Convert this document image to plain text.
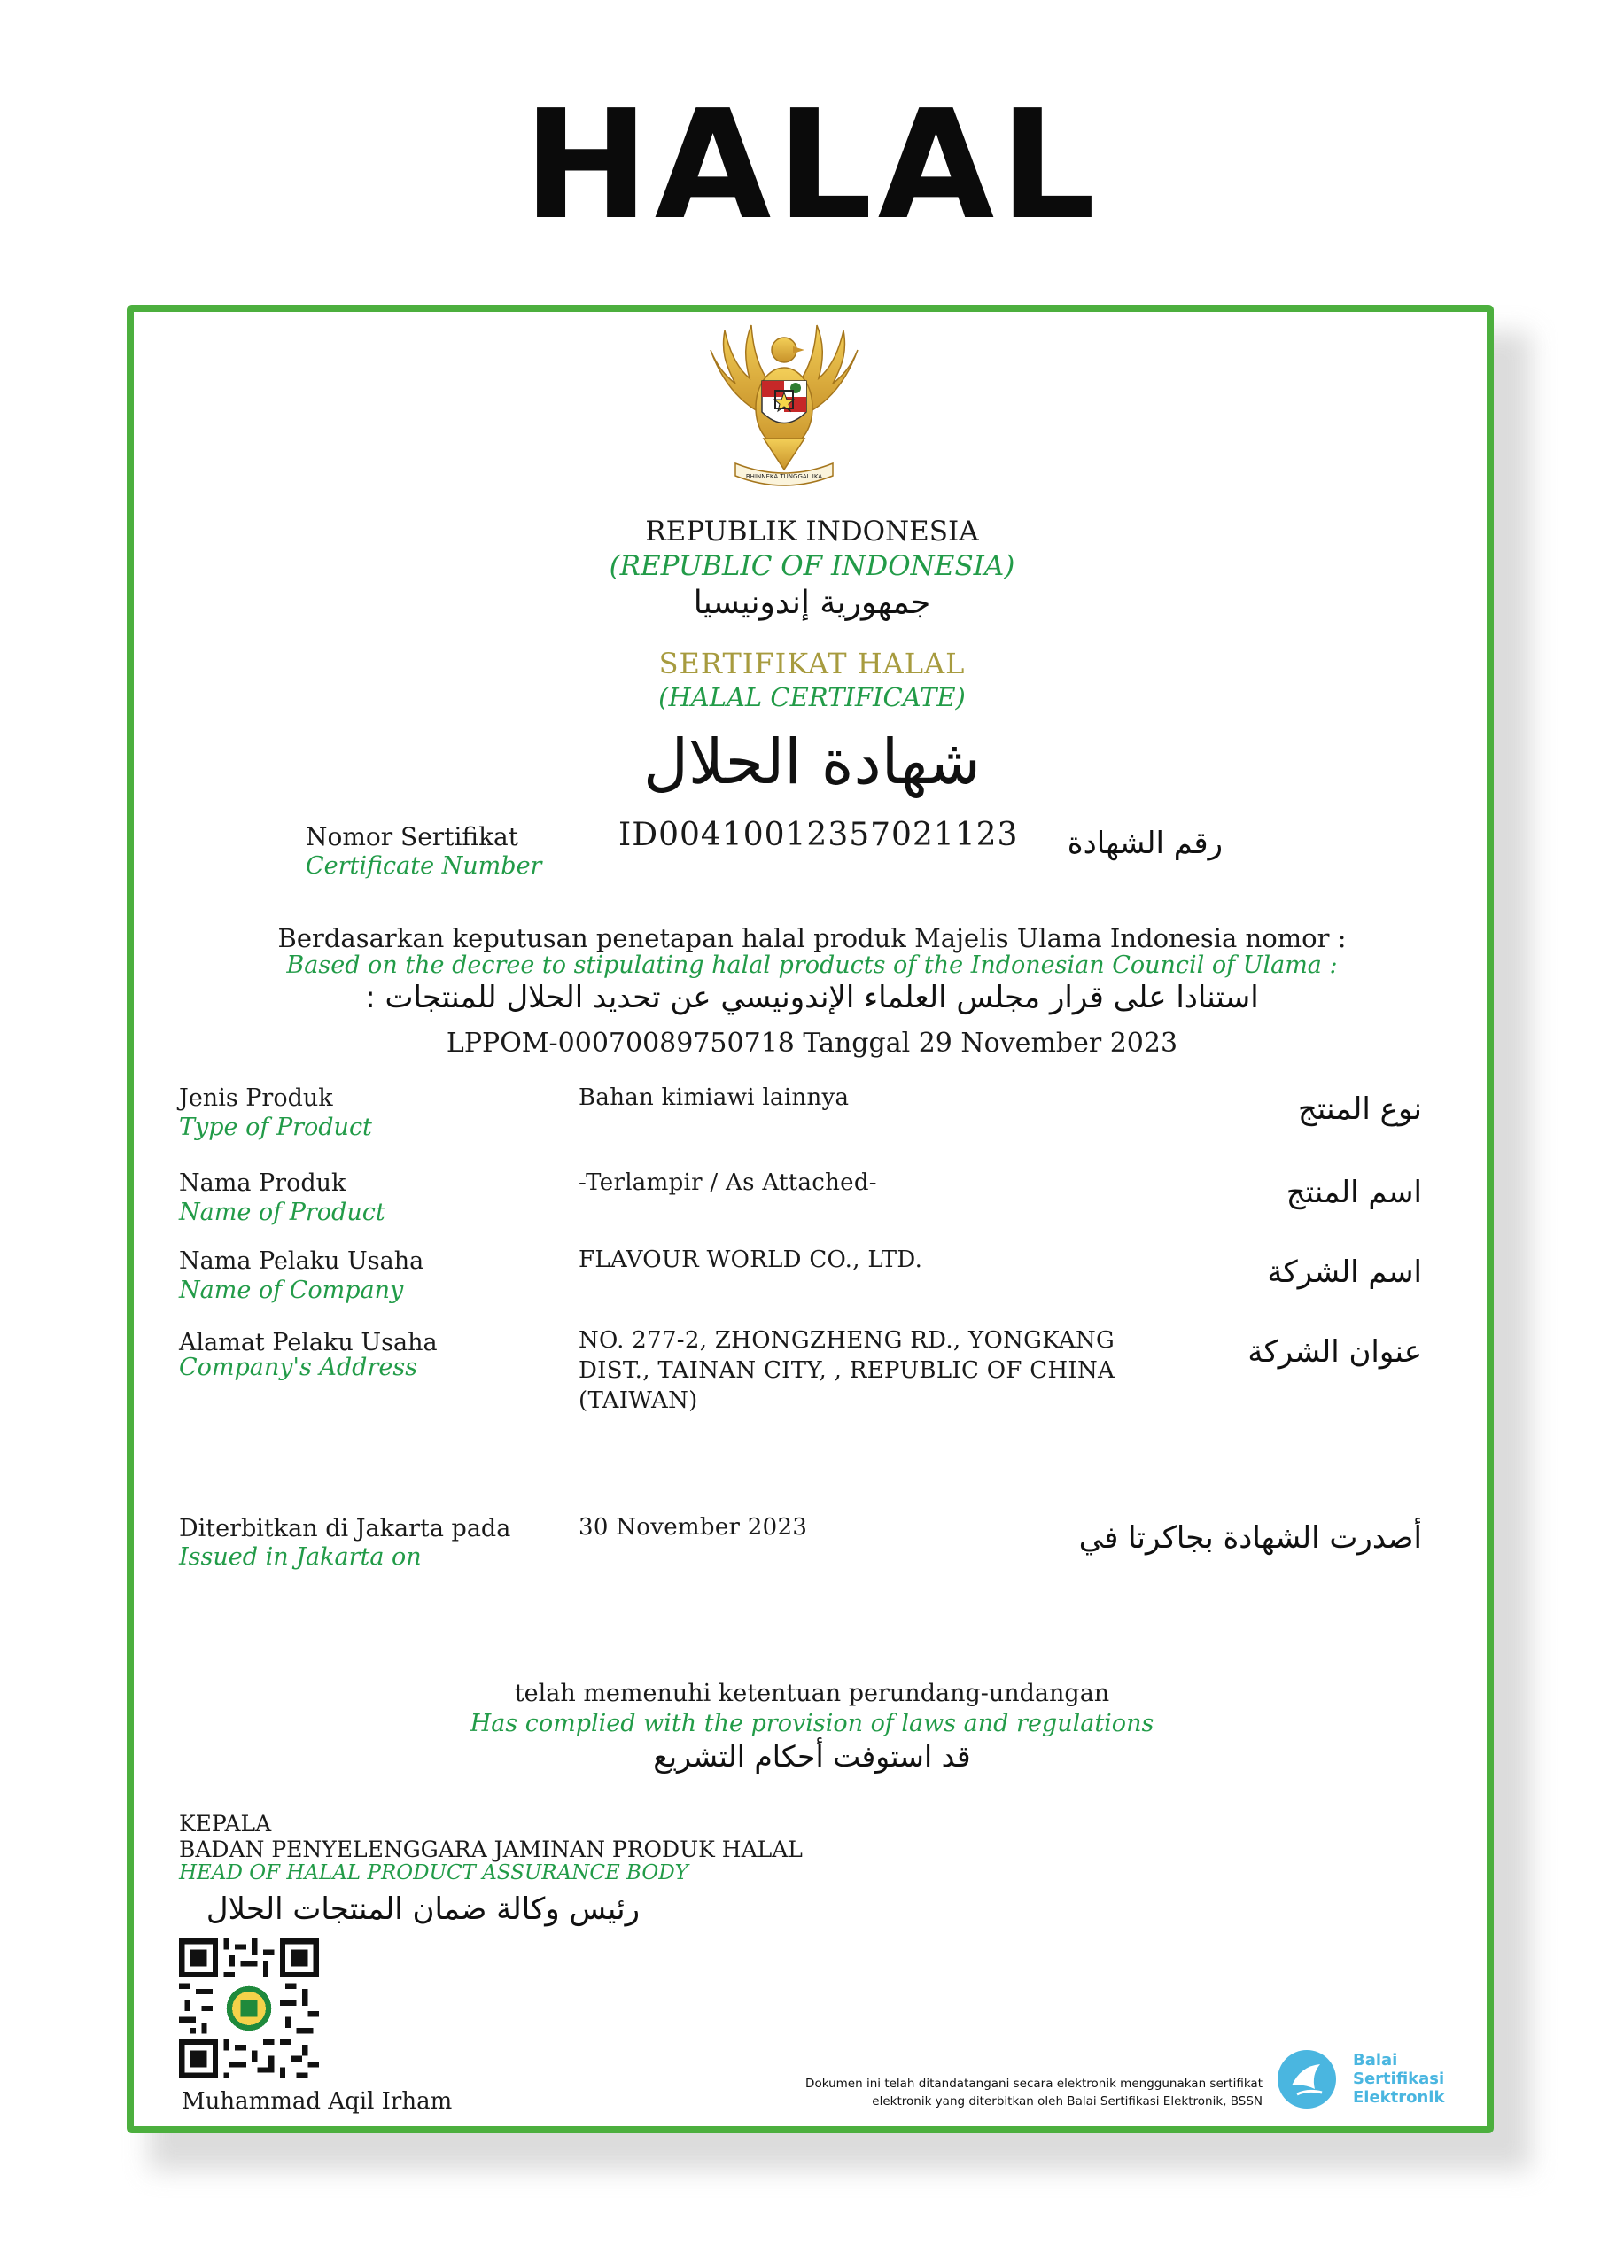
HALAL
BHINNEKA TUNGGAL IKA
REPUBLIK INDONESIA
(REPUBLIC OF INDONESIA)
جمهورية إندونيسيا
SERTIFIKAT HALAL
(HALAL CERTIFICATE)
شهادة الحلال
Nomor Sertifikat
Certificate Number
ID00410012357021123	رقم الشهادة
Berdasarkan keputusan penetapan halal produk Majelis Ulama Indonesia nomor :
Based on the decree to stipulating halal products of the Indonesian Council of Ulama :
استنادا على قرار مجلس العلماء الإندونيسي عن تحديد الحلال للمنتجات :
LPPOM-00070089750718 Tanggal 29 November 2023
Jenis Produk
Type of Product
Bahan kimiawi lainnya	نوع المنتج
Nama Produk
Name of Product
-Terlampir / As Attached-	اسم المنتج
Nama Pelaku Usaha
Name of Company
FLAVOUR WORLD CO., LTD.	اسم الشركة
Alamat Pelaku Usaha
Company's Address
NO. 277-2, ZHONGZHENG RD., YONGKANG
DIST., TAINAN CITY, , REPUBLIC OF CHINA
(TAIWAN)
عنوان الشركة
Diterbitkan di Jakarta pada
Issued in Jakarta on
30 November 2023	أصدرت الشهادة بجاكرتا في
telah memenuhi ketentuan perundang-undangan
Has complied with the provision of laws and regulations
قد استوفت أحكام التشريع
KEPALA
BADAN PENYELENGGARA JAMINAN PRODUK HALAL
HEAD OF HALAL PRODUCT ASSURANCE BODY
رئيس وكالة ضمان المنتجات الحلال
Muhammad Aqil Irham
Dokumen ini telah ditandatangani secara elektronik menggunakan sertifikat
elektronik yang diterbitkan oleh Balai Sertifikasi Elektronik, BSSN
Balai
Sertifikasi
Elektronik
